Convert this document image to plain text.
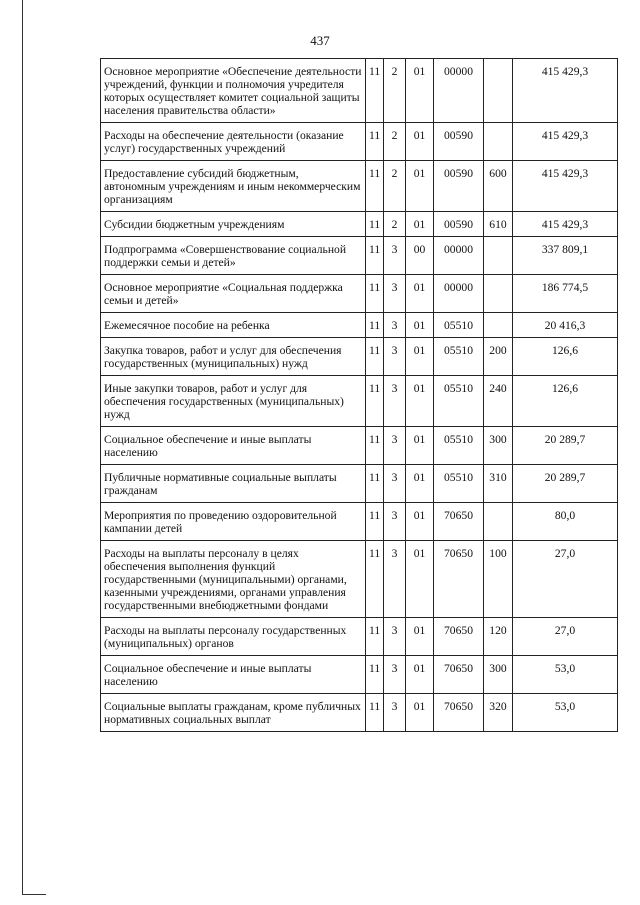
437
Основное мероприятие «Обеспечение деятельности учреждений, функции и полномочия учредителя которых осуществляет комитет социальной защиты населения правительства области»	11	2	01	00000		415 429,3
Расходы на обеспечение деятельности (оказание услуг) государственных учреждений	11	2	01	00590		415 429,3
Предоставление субсидий бюджетным, автономным учреждениям и иным некоммерческим организациям	11	2	01	00590	600	415 429,3
Субсидии бюджетным учреждениям	11	2	01	00590	610	415 429,3
Подпрограмма «Совершенствование социальной поддержки семьи и детей»	11	3	00	00000		337 809,1
Основное мероприятие «Социальная поддержка семьи и детей»	11	3	01	00000		186 774,5
Ежемесячное пособие на ребенка	11	3	01	05510		20 416,3
Закупка товаров, работ и услуг для обеспечения государственных (муниципальных) нужд	11	3	01	05510	200	126,6
Иные закупки товаров, работ и услуг для обеспечения государственных (муниципальных) нужд	11	3	01	05510	240	126,6
Социальное обеспечение и иные выплаты населению	11	3	01	05510	300	20 289,7
Публичные нормативные социальные выплаты гражданам	11	3	01	05510	310	20 289,7
Мероприятия по проведению оздоровительной кампании детей	11	3	01	70650		80,0
Расходы на выплаты персоналу в целях обеспечения выполнения функций государственными (муниципальными) органами, казенными учреждениями, органами управления государственными внебюджетными фондами	11	3	01	70650	100	27,0
Расходы на выплаты персоналу государственных (муниципальных) органов	11	3	01	70650	120	27,0
Социальное обеспечение и иные выплаты населению	11	3	01	70650	300	53,0
Социальные выплаты гражданам, кроме публичных нормативных социальных выплат	11	3	01	70650	320	53,0
